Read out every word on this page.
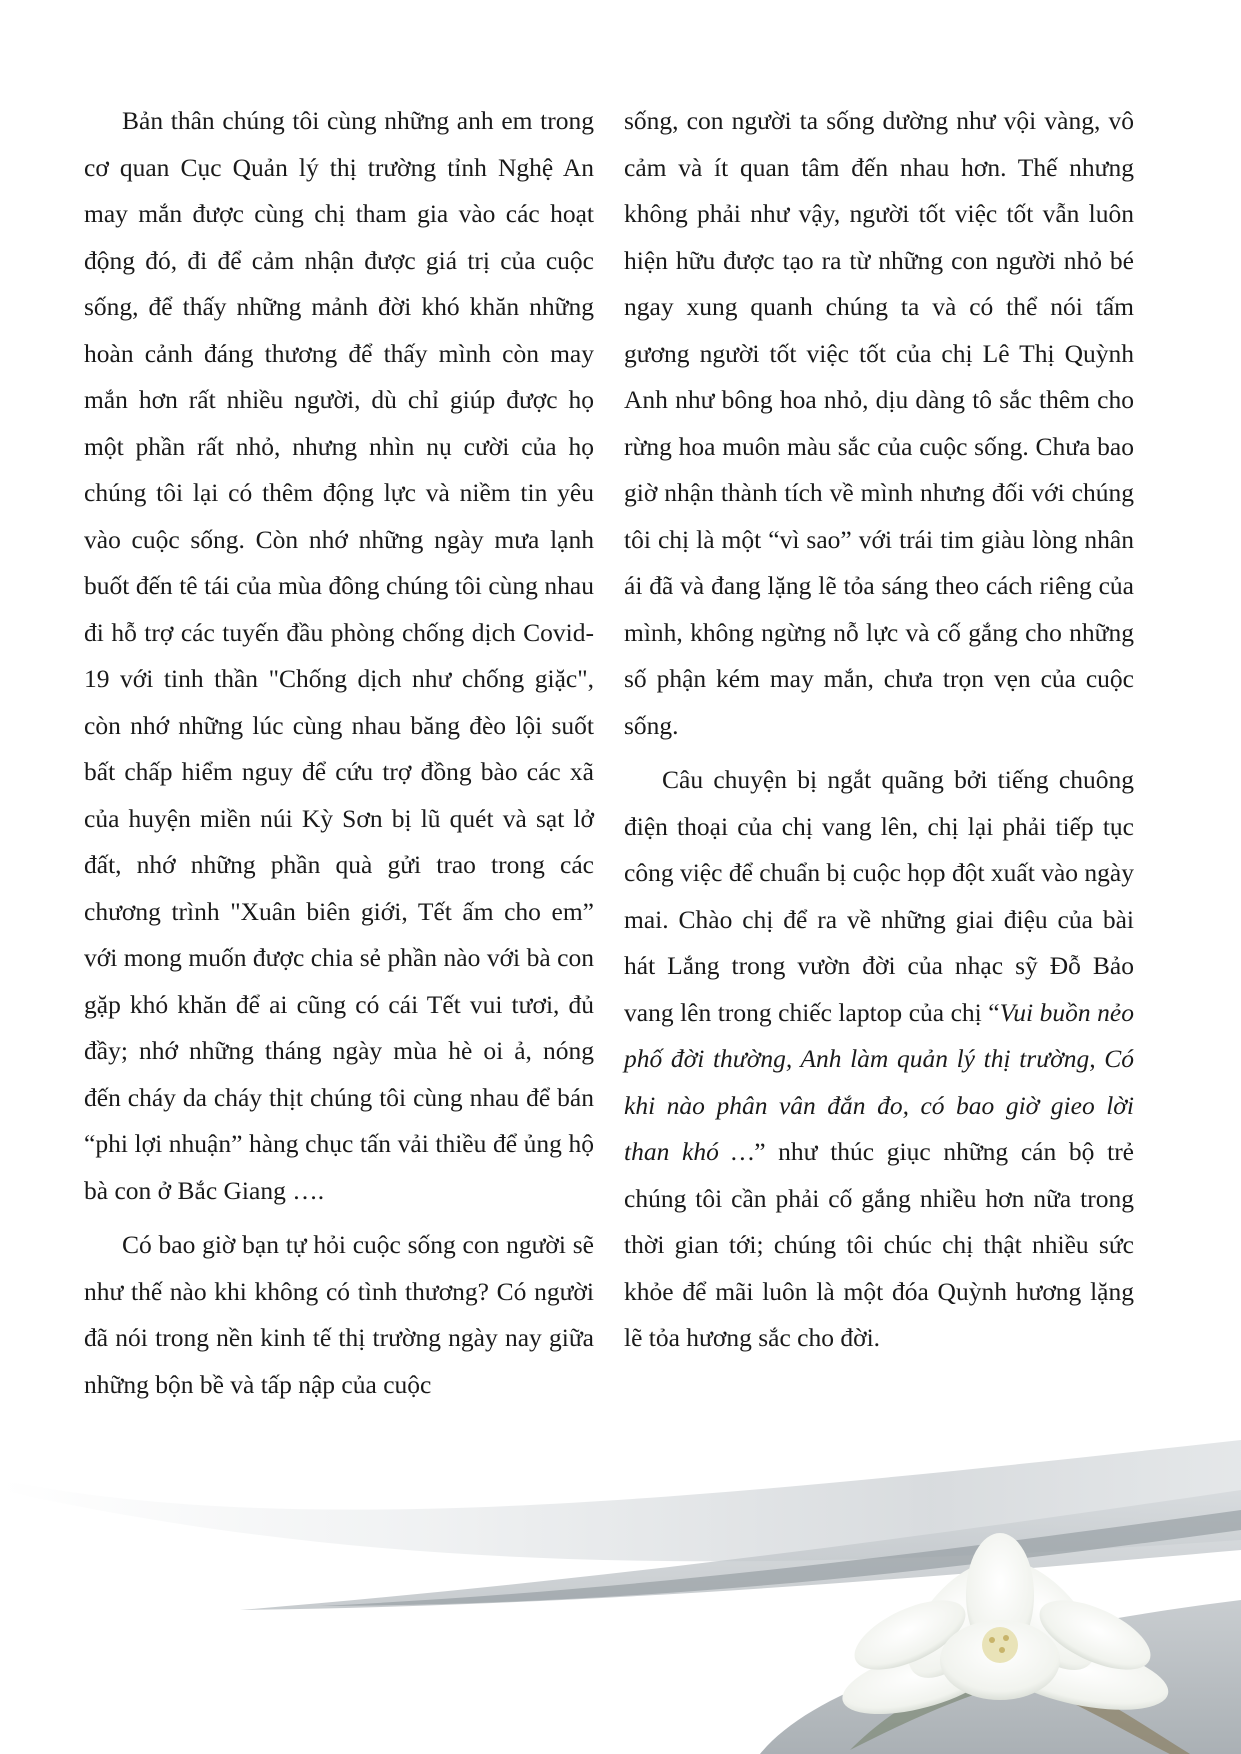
Bản thân chúng tôi cùng những anh em trong cơ quan Cục Quản lý thị trường tỉnh Nghệ An may mắn được cùng chị tham gia vào các hoạt động đó, đi để cảm nhận được giá trị của cuộc sống, để thấy những mảnh đời khó khăn những hoàn cảnh đáng thương để thấy mình còn may mắn hơn rất nhiều người, dù chỉ giúp được họ một phần rất nhỏ, nhưng nhìn nụ cười của họ chúng tôi lại có thêm động lực và niềm tin yêu vào cuộc sống. Còn nhớ những ngày mưa lạnh buốt đến tê tái của mùa đông chúng tôi cùng nhau đi hỗ trợ các tuyến đầu phòng chống dịch Covid-19 với tinh thần "Chống dịch như chống giặc", còn nhớ những lúc cùng nhau băng đèo lội suốt bất chấp hiểm nguy để cứu trợ đồng bào các xã của huyện miền núi Kỳ Sơn bị lũ quét và sạt lở đất, nhớ những phần quà gửi trao trong các chương trình "Xuân biên giới, Tết ấm cho em” với mong muốn được chia sẻ phần nào với bà con gặp khó khăn để ai cũng có cái Tết vui tươi, đủ đầy; nhớ những tháng ngày mùa hè oi ả, nóng đến cháy da cháy thịt chúng tôi cùng nhau để bán “phi lợi nhuận” hàng chục tấn vải thiều để ủng hộ bà con ở Bắc Giang ….

Có bao giờ bạn tự hỏi cuộc sống con người sẽ như thế nào khi không có tình thương? Có người đã nói trong nền kinh tế thị trường ngày nay giữa những bộn bề và tấp nập của cuộc

sống, con người ta sống dường như vội vàng, vô cảm và ít quan tâm đến nhau hơn. Thế nhưng không phải như vậy, người tốt việc tốt vẫn luôn hiện hữu được tạo ra từ những con người nhỏ bé ngay xung quanh chúng ta và có thể nói tấm gương người tốt việc tốt của chị Lê Thị Quỳnh Anh như bông hoa nhỏ, dịu dàng tô sắc thêm cho rừng hoa muôn màu sắc của cuộc sống. Chưa bao giờ nhận thành tích về mình nhưng đối với chúng tôi chị là một “vì sao” với trái tim giàu lòng nhân ái đã và đang lặng lẽ tỏa sáng theo cách riêng của mình, không ngừng nỗ lực và cố gắng cho những số phận kém may mắn, chưa trọn vẹn của cuộc sống.

Câu chuyện bị ngắt quãng bởi tiếng chuông điện thoại của chị vang lên, chị lại phải tiếp tục công việc để chuẩn bị cuộc họp đột xuất vào ngày mai. Chào chị để ra về những giai điệu của bài hát Lắng trong vườn đời của nhạc sỹ Đỗ Bảo vang lên trong chiếc laptop của chị “Vui buồn nẻo phố đời thường, Anh làm quản lý thị trường, Có khi nào phân vân đắn đo, có bao giờ gieo lời than khó …” như thúc giục những cán bộ trẻ chúng tôi cần phải cố gắng nhiều hơn nữa trong thời gian tới; chúng tôi chúc chị thật nhiều sức khỏe để mãi luôn là một đóa Quỳnh hương lặng lẽ tỏa hương sắc cho đời.
